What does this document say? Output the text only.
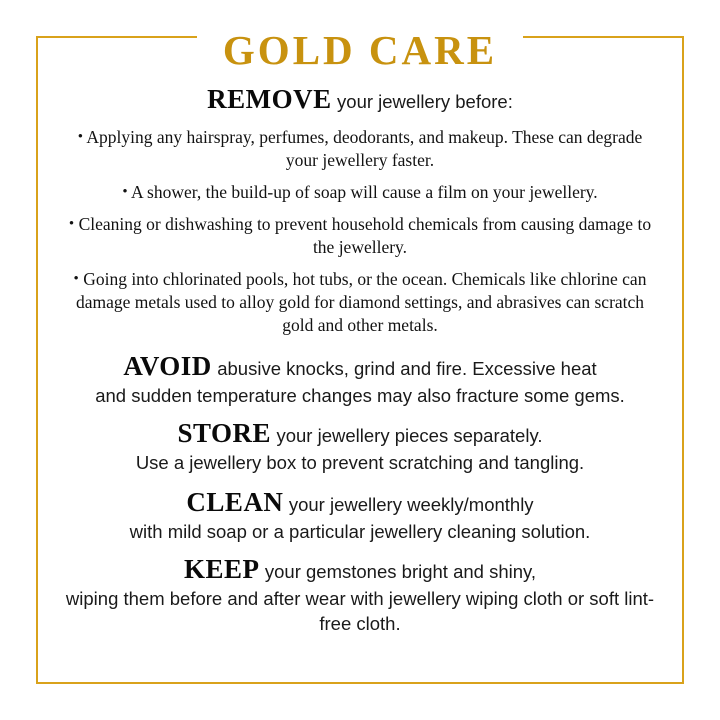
GOLD CARE
REMOVE your jewellery before:
• Applying any hairspray, perfumes, deodorants, and makeup. These can degrade your jewellery faster.
• A shower, the build-up of soap will cause a film on your jewellery.
• Cleaning or dishwashing to prevent household chemicals from causing damage to the jewellery.
• Going into chlorinated pools, hot tubs, or the ocean. Chemicals like chlorine can damage metals used to alloy gold for diamond settings, and abrasives can scratch gold and other metals.
AVOID abusive knocks, grind and fire. Excessive heat
and sudden temperature changes may also fracture some gems.
STORE your jewellery pieces separately.
Use a jewellery box to prevent scratching and tangling.
CLEAN your jewellery weekly/monthly
with mild soap or a particular jewellery cleaning solution.
KEEP your gemstones bright and shiny,
wiping them before and after wear with jewellery wiping cloth or soft lint-free cloth.
